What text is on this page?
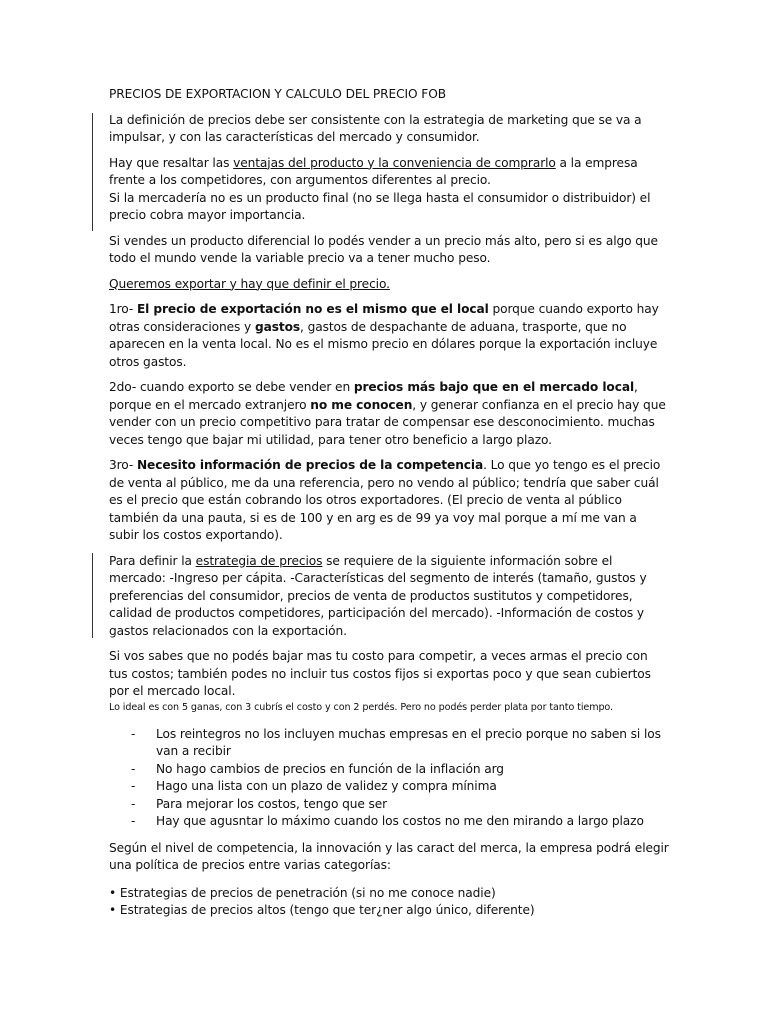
PRECIOS DE EXPORTACION Y CALCULO DEL PRECIO FOB

La definición de precios debe ser consistente con la estrategia de marketing que se va a impulsar, y con las características del mercado y consumidor.

Hay que resaltar las ventajas del producto y la conveniencia de comprarlo a la empresa frente a los competidores, con argumentos diferentes al precio.
Si la mercadería no es un producto final (no se llega hasta el consumidor o distribuidor) el precio cobra mayor importancia.

Si vendes un producto diferencial lo podés vender a un precio más alto, pero si es algo que todo el mundo vende la variable precio va a tener mucho peso.

Queremos exportar y hay que definir el precio.

1ro- El precio de exportación no es el mismo que el local porque cuando exporto hay otras consideraciones y gastos, gastos de despachante de aduana, trasporte, que no aparecen en la venta local. No es el mismo precio en dólares porque la exportación incluye otros gastos.

2do- cuando exporto se debe vender en precios más bajo que en el mercado local, porque en el mercado extranjero no me conocen, y generar confianza en el precio hay que vender con un precio competitivo para tratar de compensar ese desconocimiento. muchas veces tengo que bajar mi utilidad, para tener otro beneficio a largo plazo.

3ro- Necesito información de precios de la competencia. Lo que yo tengo es el precio de venta al público, me da una referencia, pero no vendo al público; tendría que saber cuál es el precio que están cobrando los otros exportadores. (El precio de venta al público también da una pauta, si es de 100 y en arg es de 99 ya voy mal porque a mí me van a subir los costos exportando).

Para definir la estrategia de precios se requiere de la siguiente información sobre el mercado: -Ingreso per cápita. -Características del segmento de interés (tamaño, gustos y preferencias del consumidor, precios de venta de productos sustitutos y competidores, calidad de productos competidores, participación del mercado). -Información de costos y gastos relacionados con la exportación.

Si vos sabes que no podés bajar mas tu costo para competir, a veces armas el precio con tus costos; también podes no incluir tus costos fijos si exportas poco y que sean cubiertos por el mercado local.

Lo ideal es con 5 ganas, con 3 cubrís el costo y con 2 perdés. Pero no podés perder plata por tanto tiempo.

- Los reintegros no los incluyen muchas empresas en el precio porque no saben si los van a recibir
- No hago cambios de precios en función de la inflación arg
- Hago una lista con un plazo de validez y compra mínima
- Para mejorar los costos, tengo que ser
- Hay que agusntar lo máximo cuando los costos no me den mirando a largo plazo

Según el nivel de competencia, la innovación y las caract del merca, la empresa podrá elegir una política de precios entre varias categorías:

• Estrategias de precios de penetración (si no me conoce nadie)

• Estrategias de precios altos (tengo que ter¿ner algo único, diferente)
